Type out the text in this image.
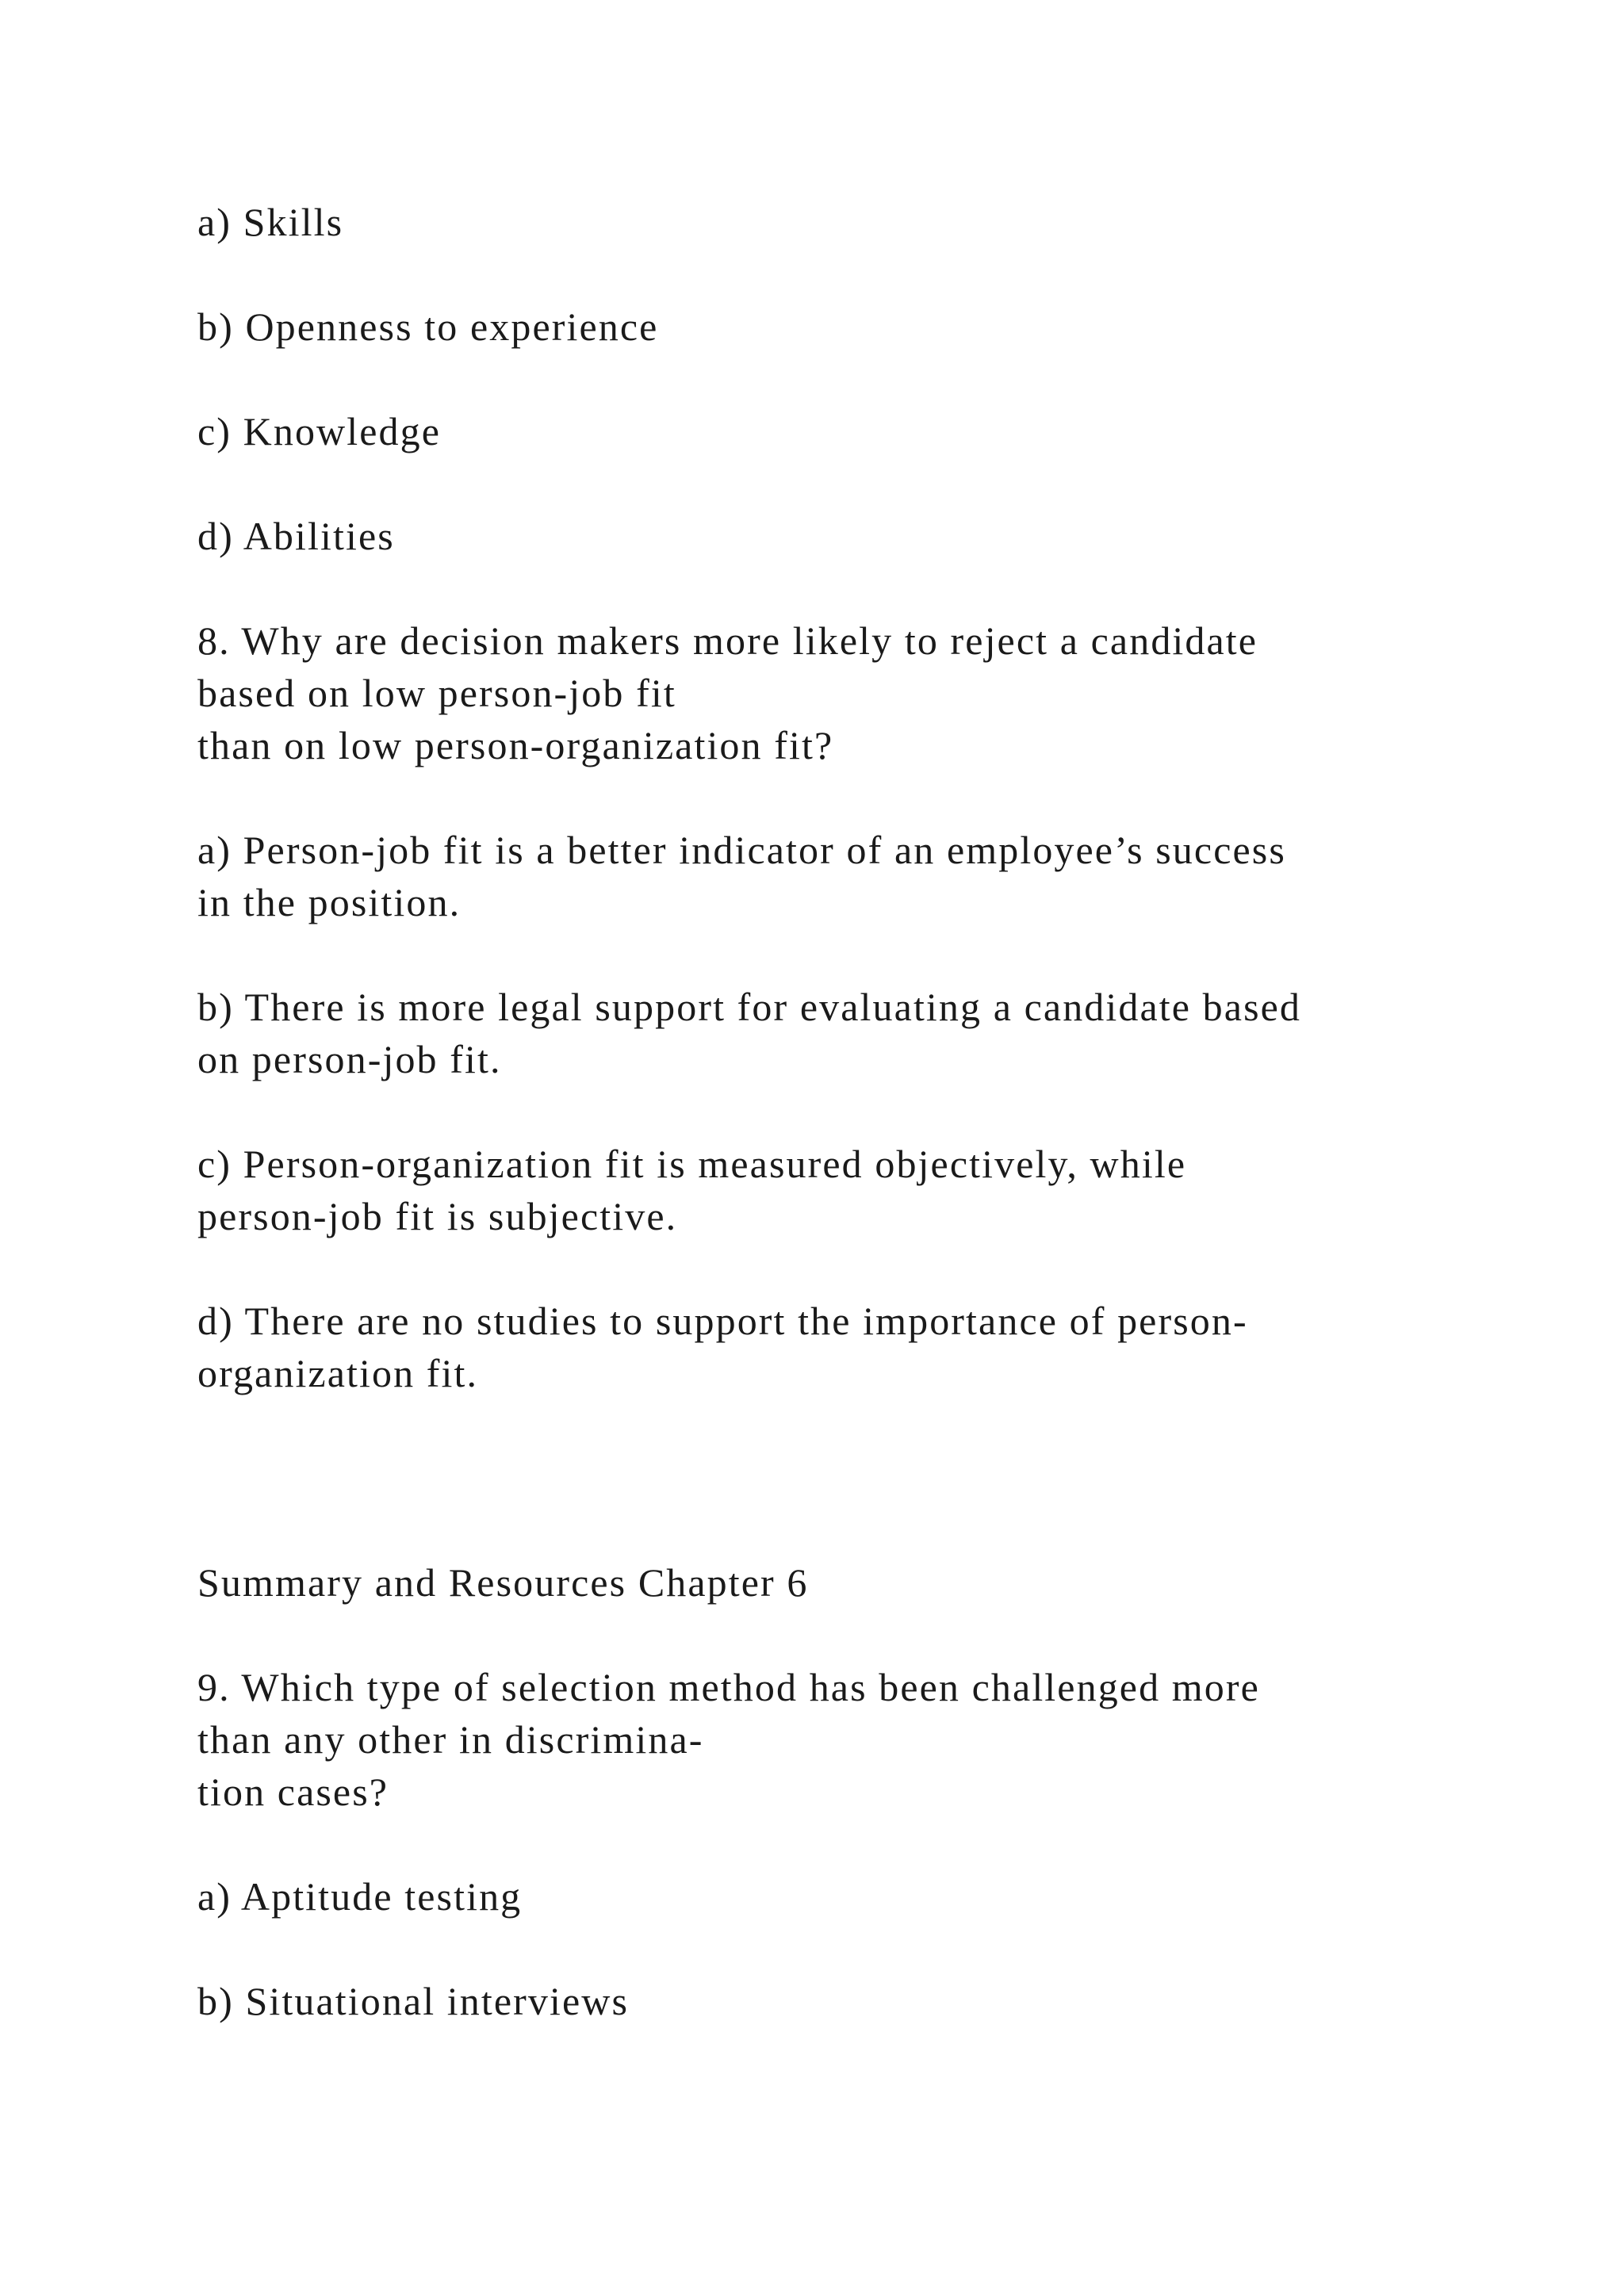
a) Skills
b) Openness to experience
c) Knowledge
d) Abilities
8. Why are decision makers more likely to reject a candidate
based on low person-job fit
than on low person-organization fit?
a) Person-job fit is a better indicator of an employee’s success
in the position.
b) There is more legal support for evaluating a candidate based
on person-job fit.
c) Person-organization fit is measured objectively, while
person-job fit is subjective.
d) There are no studies to support the importance of person-
organization fit.
Summary and Resources Chapter 6
9. Which type of selection method has been challenged more
than any other in discrimina-
tion cases?
a) Aptitude testing
b) Situational interviews
